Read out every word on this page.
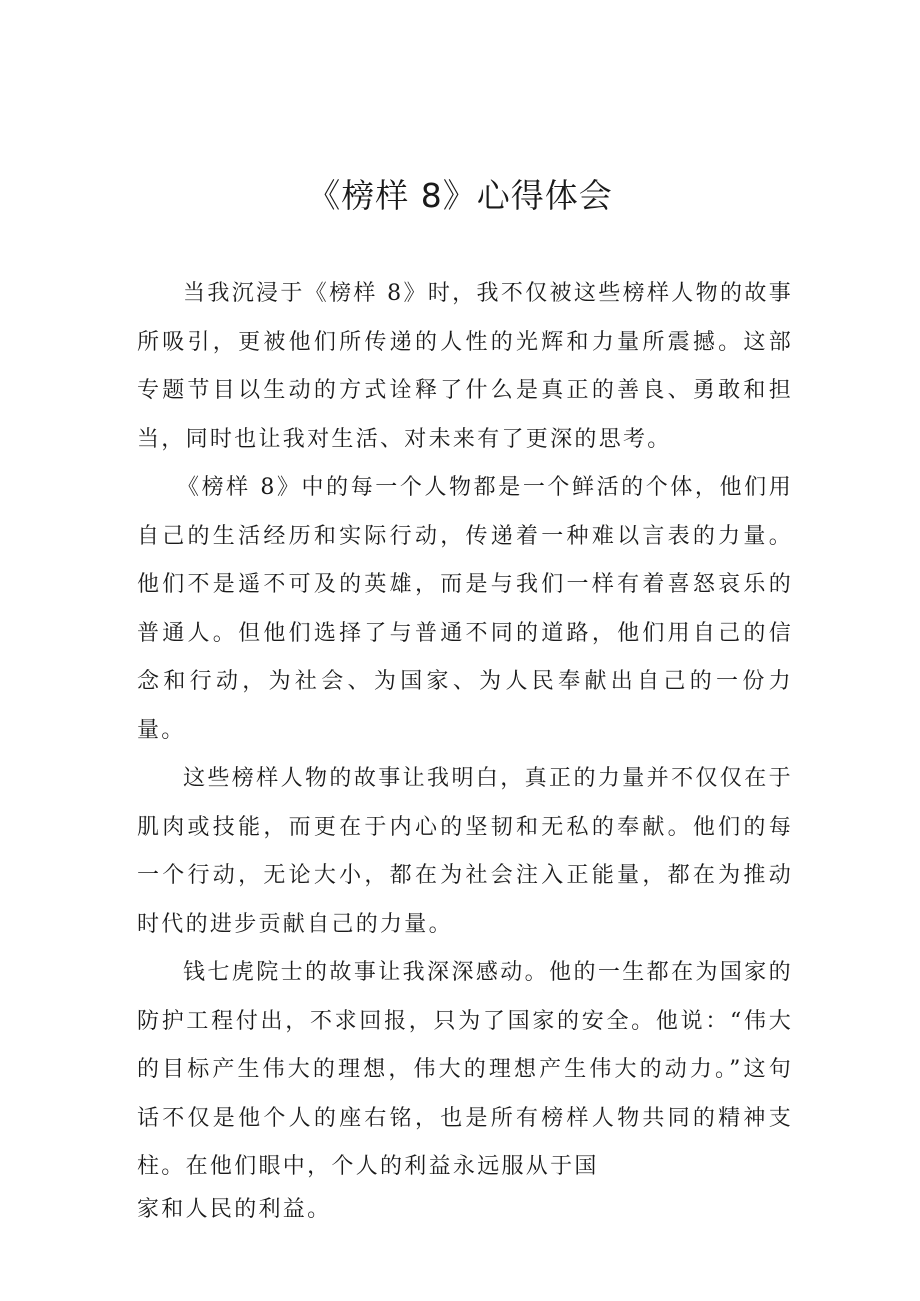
《榜样 8》心得体会

当我沉浸于《榜样 8》时，我不仅被这些榜样人物的故事所吸引，更被他们所传递的人性的光辉和力量所震撼。这部专题节目以生动的方式诠释了什么是真正的善良、勇敢和担当，同时也让我对生活、对未来有了更深的思考。

《榜样 8》中的每一个人物都是一个鲜活的个体，他们用自己的生活经历和实际行动，传递着一种难以言表的力量。他们不是遥不可及的英雄，而是与我们一样有着喜怒哀乐的普通人。但他们选择了与普通不同的道路，他们用自己的信念和行动，为社会、为国家、为人民奉献出自己的一份力量。

这些榜样人物的故事让我明白，真正的力量并不仅仅在于肌肉或技能，而更在于内心的坚韧和无私的奉献。他们的每一个行动，无论大小，都在为社会注入正能量，都在为推动时代的进步贡献自己的力量。

钱七虎院士的故事让我深深感动。他的一生都在为国家的防护工程付出，不求回报，只为了国家的安全。他说：“伟大的目标产生伟大的理想，伟大的理想产生伟大的动力。”这句话不仅是他个人的座右铭，也是所有榜样人物共同的精神支柱。在他们眼中，个人的利益永远服从于国

家和人民的利益。
